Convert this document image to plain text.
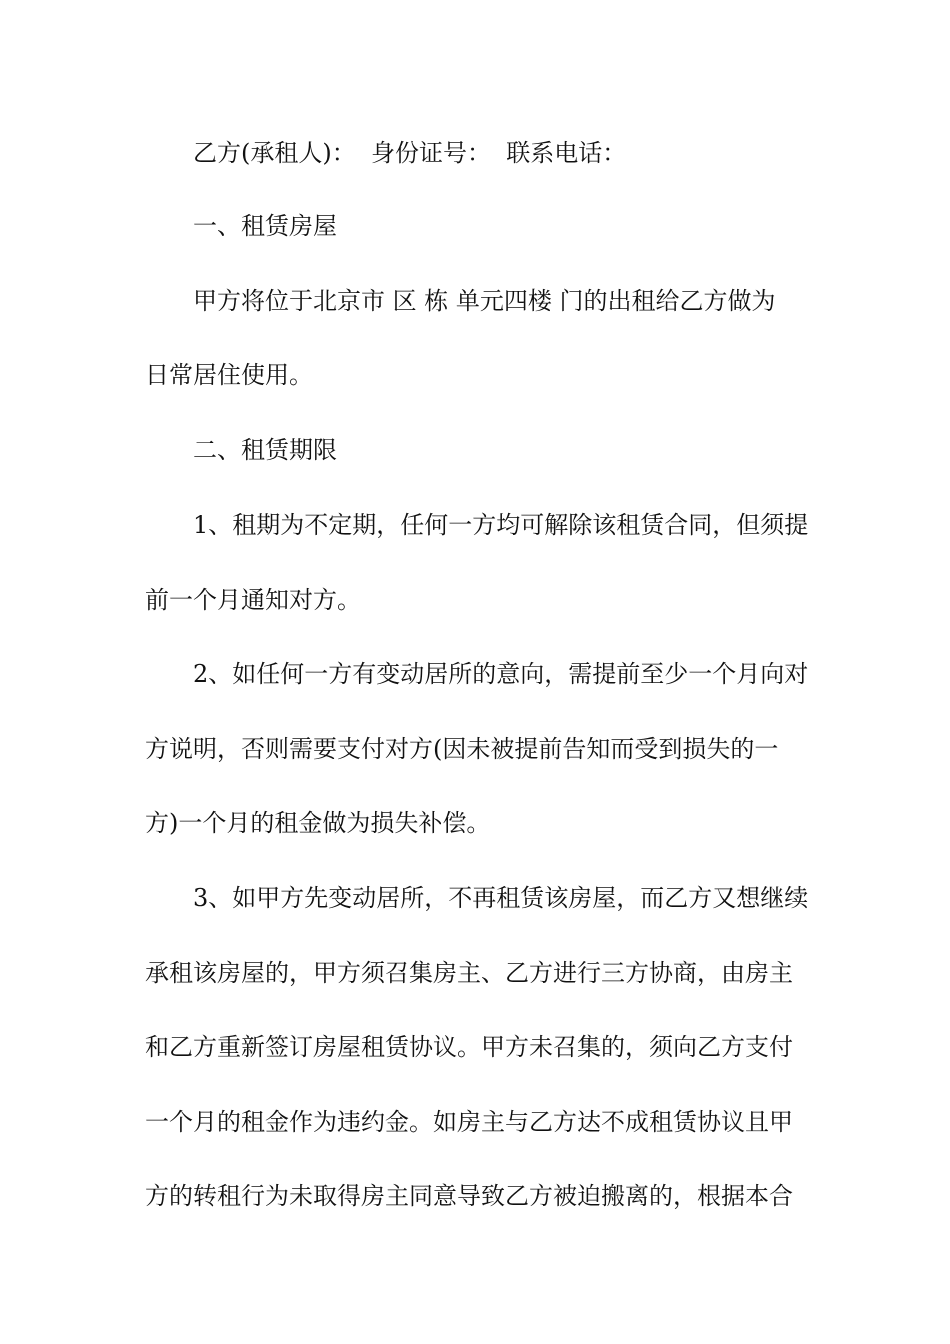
乙方(承租人)：  身份证号：  联系电话：
一、租赁房屋
甲方将位于北京市 区 栋 单元四楼 门的出租给乙方做为
日常居住使用。
二、租赁期限
1、租期为不定期，任何一方均可解除该租赁合同，但须提
前一个月通知对方。
2、如任何一方有变动居所的意向，需提前至少一个月向对
方说明，否则需要支付对方(因未被提前告知而受到损失的一
方)一个月的租金做为损失补偿。
3、如甲方先变动居所，不再租赁该房屋，而乙方又想继续
承租该房屋的，甲方须召集房主、乙方进行三方协商，由房主
和乙方重新签订房屋租赁协议。甲方未召集的，须向乙方支付
一个月的租金作为违约金。如房主与乙方达不成租赁协议且甲
方的转租行为未取得房主同意导致乙方被迫搬离的，根据本合
